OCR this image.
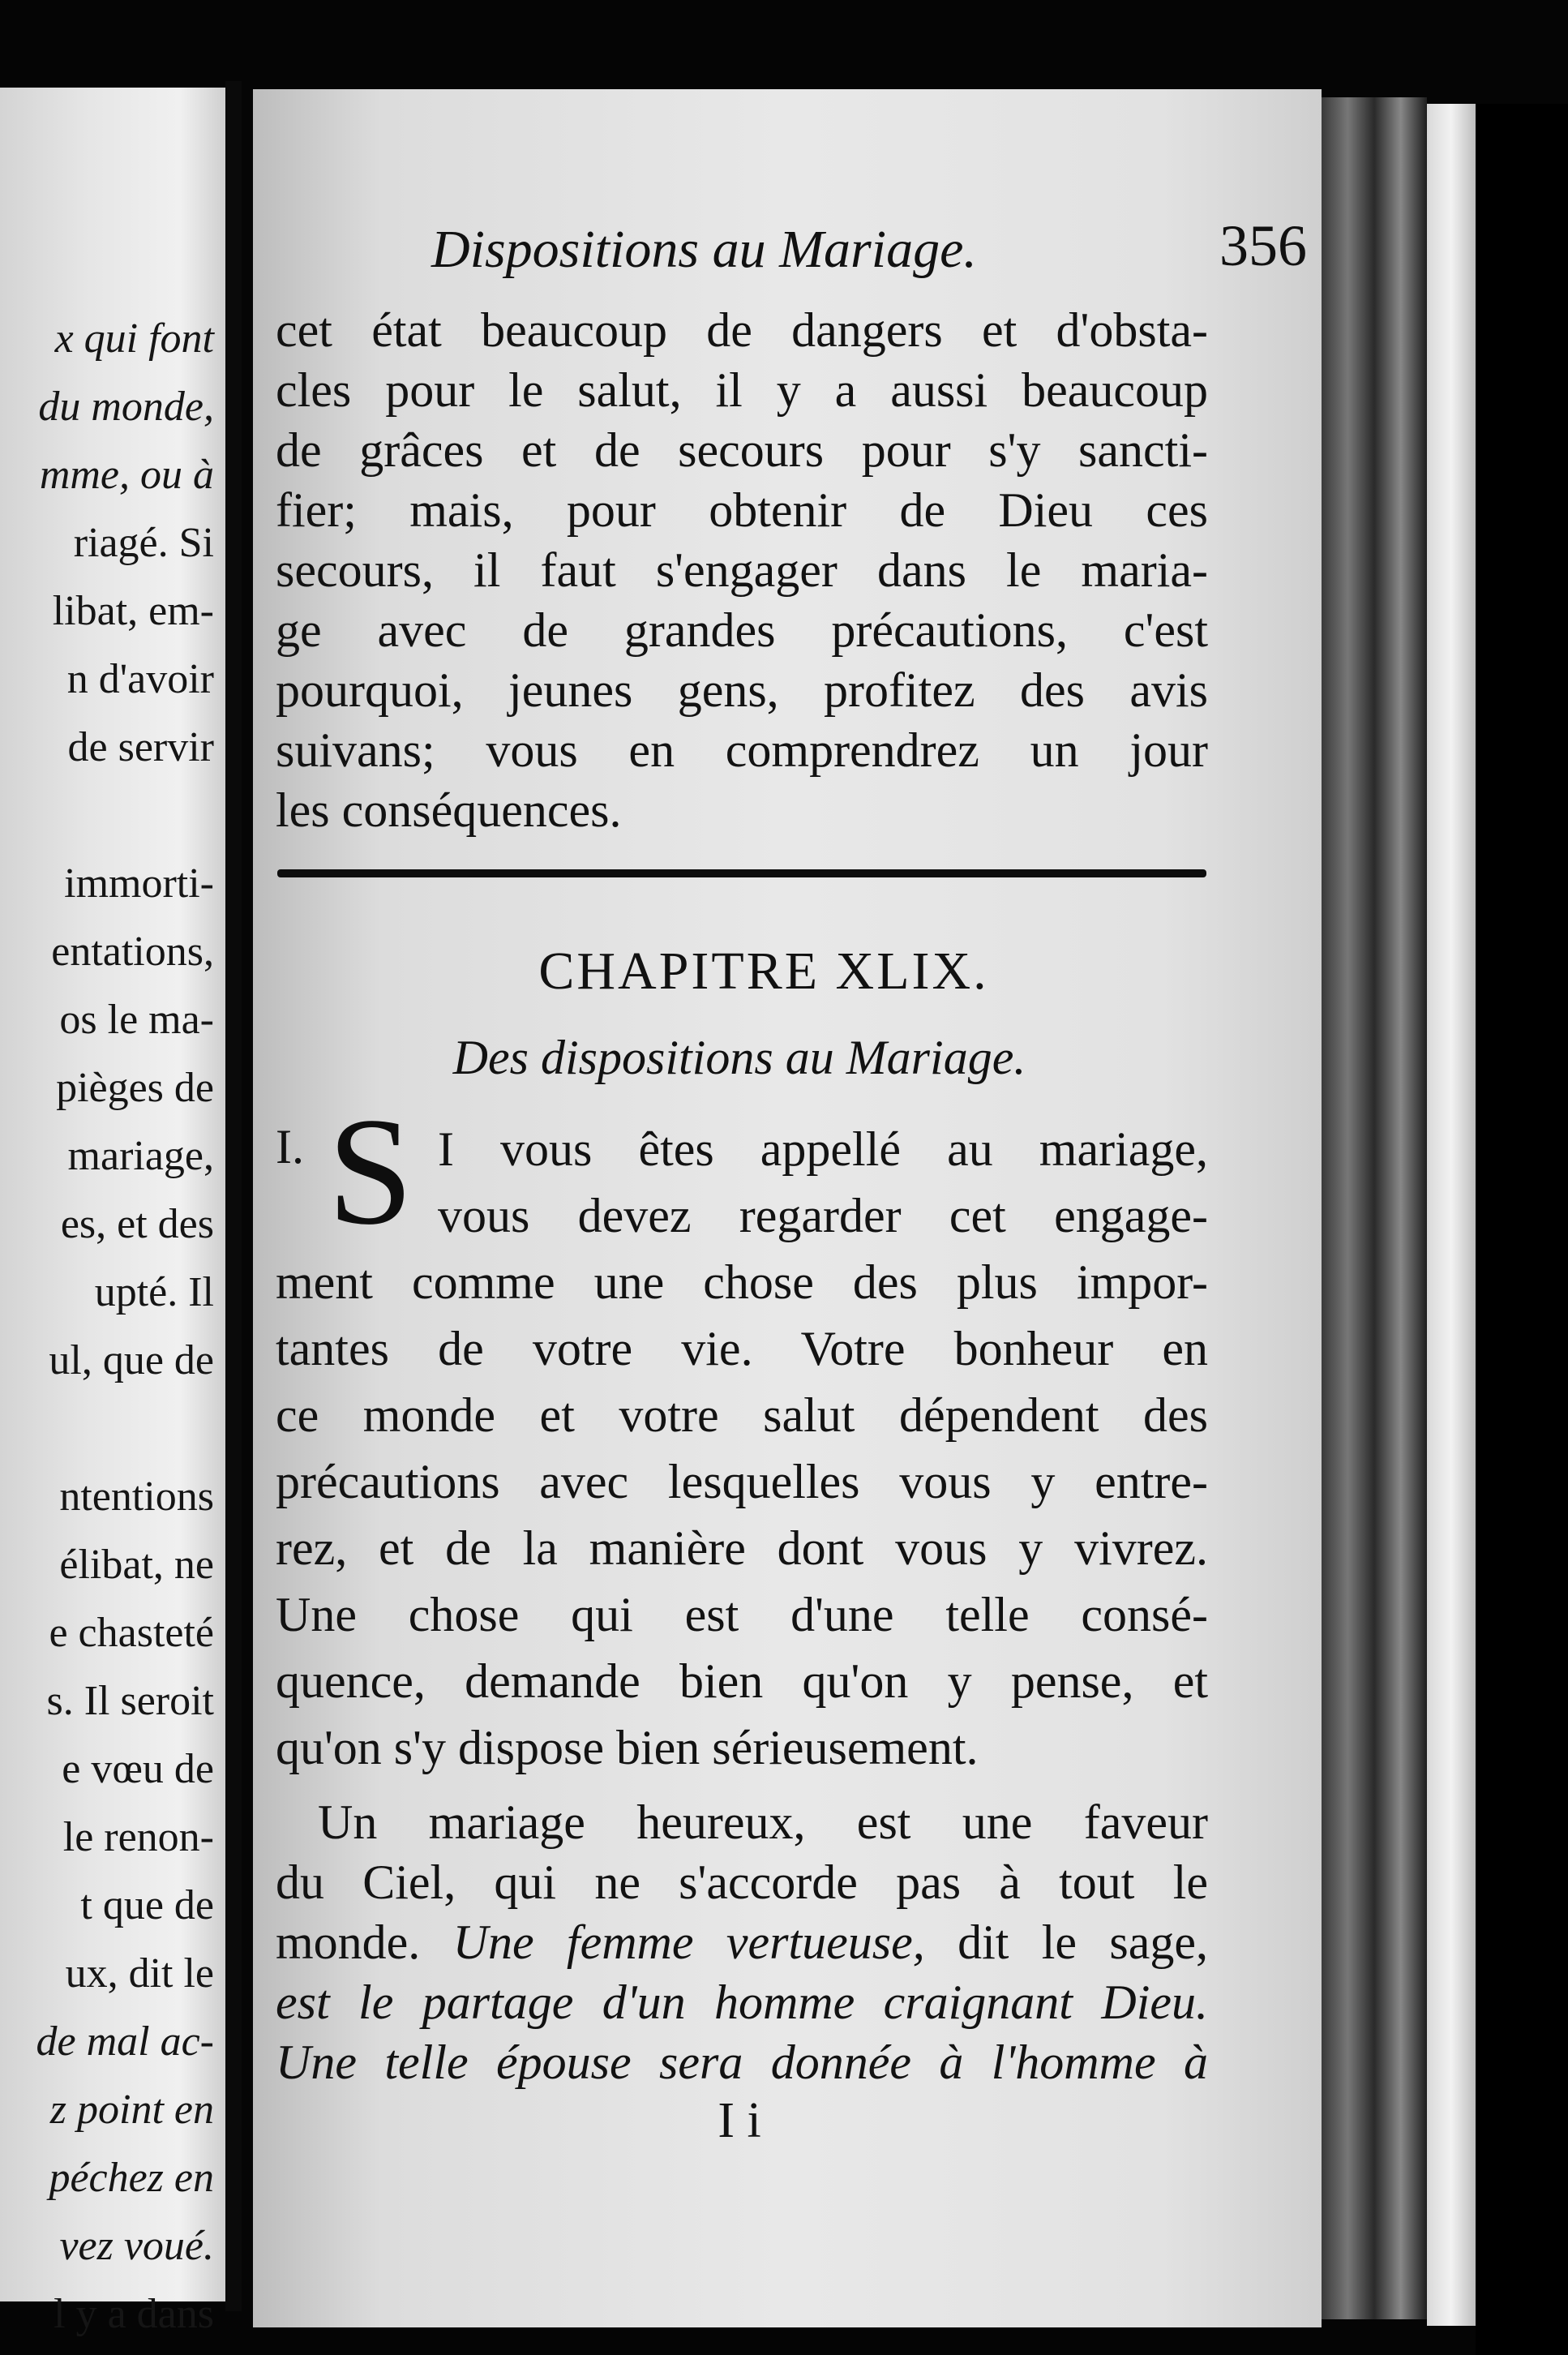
x qui font
du monde,
mme, ou à
riagé. Si
libat, em-
n d'avoir
de servir
immorti-
entations,
os le ma-
pièges de
mariage,
es, et des
upté. Il
ul, que de
ntentions
élibat, ne
e chasteté
s. Il seroit
e vœu de
le renon-
t que de
ux, dit le
de mal ac-
z point en
péchez en
vez voué.
l y a dans
Dispositions au Mariage.	356
cet état beaucoup de dangers et d'obsta-
cles pour le salut, il y a aussi beaucoup
de grâces et de secours pour s'y sancti-
fier; mais, pour obtenir de Dieu ces
secours, il faut s'engager dans le maria-
ge avec de grandes précautions, c'est
pourquoi, jeunes gens, profitez des avis
suivans; vous en comprendrez un jour
les conséquences.
CHAPITRE XLIX.
Des dispositions au Mariage.
I. S I vous êtes appellé au mariage,
vous devez regarder cet engage-
ment comme une chose des plus impor-
tantes de votre vie. Votre bonheur en
ce monde et votre salut dépendent des
précautions avec lesquelles vous y entre-
rez, et de la manière dont vous y vivrez.
Une chose qui est d'une telle consé-
quence, demande bien qu'on y pense, et
qu'on s'y dispose bien sérieusement.
Un mariage heureux, est une faveur
du Ciel, qui ne s'accorde pas à tout le
monde. Une femme vertueuse, dit le sage,
est le partage d'un homme craignant Dieu.
Une telle épouse sera donnée à l'homme à
I i
